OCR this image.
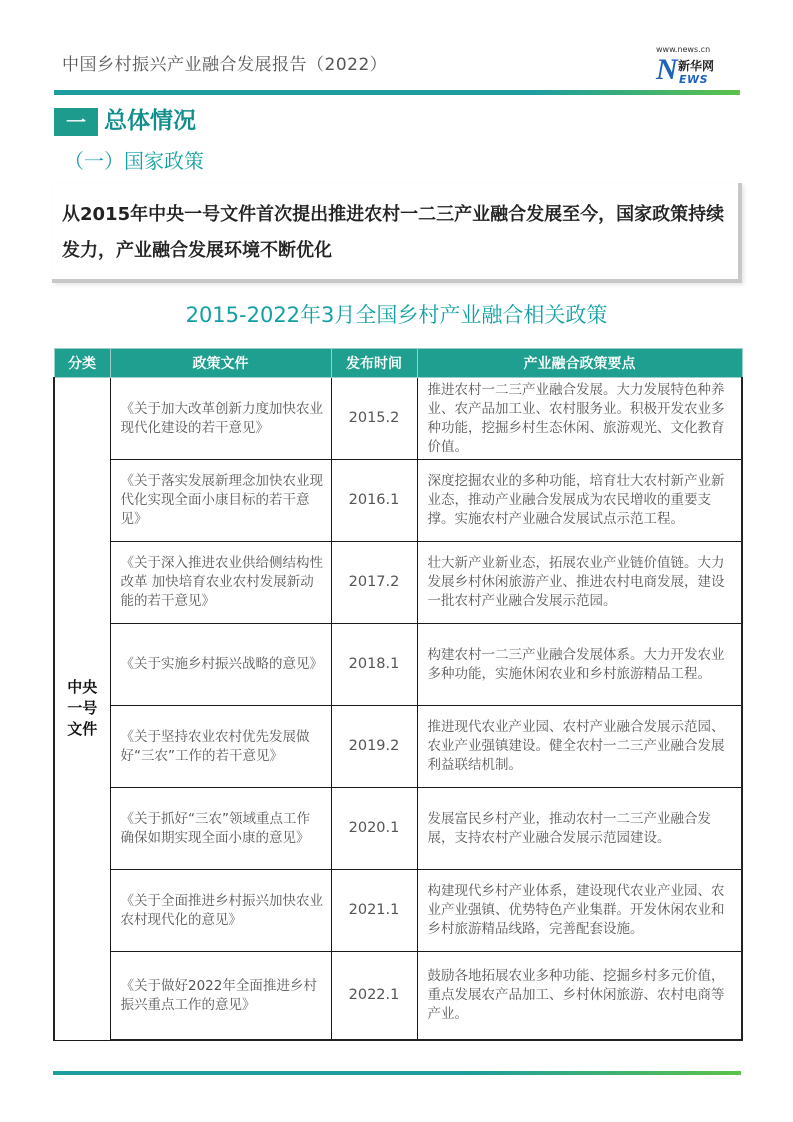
中国乡村振兴产业融合发展报告（2022）
www.news.cn
N 新华网
EWS
一 总体情况
（一）国家政策
从2015年中央一号文件首次提出推进农村一二三产业融合发展至今，国家政策持续发力，产业融合发展环境不断优化
2015-2022年3月全国乡村产业融合相关政策
分类	政策文件	发布时间	产业融合政策要点
中央
一号
文件	《关于加大改革创新力度加快农业现代化建设的若干意见》	2015.2	推进农村一二三产业融合发展。大力发展特色种养业、农产品加工业、农村服务业。积极开发农业多种功能，挖掘乡村生态休闲、旅游观光、文化教育价值。
	《关于落实发展新理念加快农业现代化实现全面小康目标的若干意见》	2016.1	深度挖掘农业的多种功能，培育壮大农村新产业新业态，推动产业融合发展成为农民增收的重要支撑。实施农村产业融合发展试点示范工程。
	《关于深入推进农业供给侧结构性改革 加快培育农业农村发展新动能的若干意见》	2017.2	壮大新产业新业态，拓展农业产业链价值链。大力发展乡村休闲旅游产业、推进农村电商发展，建设一批农村产业融合发展示范园。
	《关于实施乡村振兴战略的意见》	2018.1	构建农村一二三产业融合发展体系。大力开发农业多种功能，实施休闲农业和乡村旅游精品工程。
	《关于坚持农业农村优先发展做好“三农”工作的若干意见》	2019.2	推进现代农业产业园、农村产业融合发展示范园、农业产业强镇建设。健全农村一二三产业融合发展利益联结机制。
	《关于抓好“三农”领域重点工作 确保如期实现全面小康的意见》	2020.1	发展富民乡村产业，推动农村一二三产业融合发展，支持农村产业融合发展示范园建设。
	《关于全面推进乡村振兴加快农业农村现代化的意见》	2021.1	构建现代乡村产业体系，建设现代农业产业园、农业产业强镇、优势特色产业集群。开发休闲农业和乡村旅游精品线路，完善配套设施。
	《关于做好2022年全面推进乡村振兴重点工作的意见》	2022.1	鼓励各地拓展农业多种功能、挖掘乡村多元价值，重点发展农产品加工、乡村休闲旅游、农村电商等产业。
